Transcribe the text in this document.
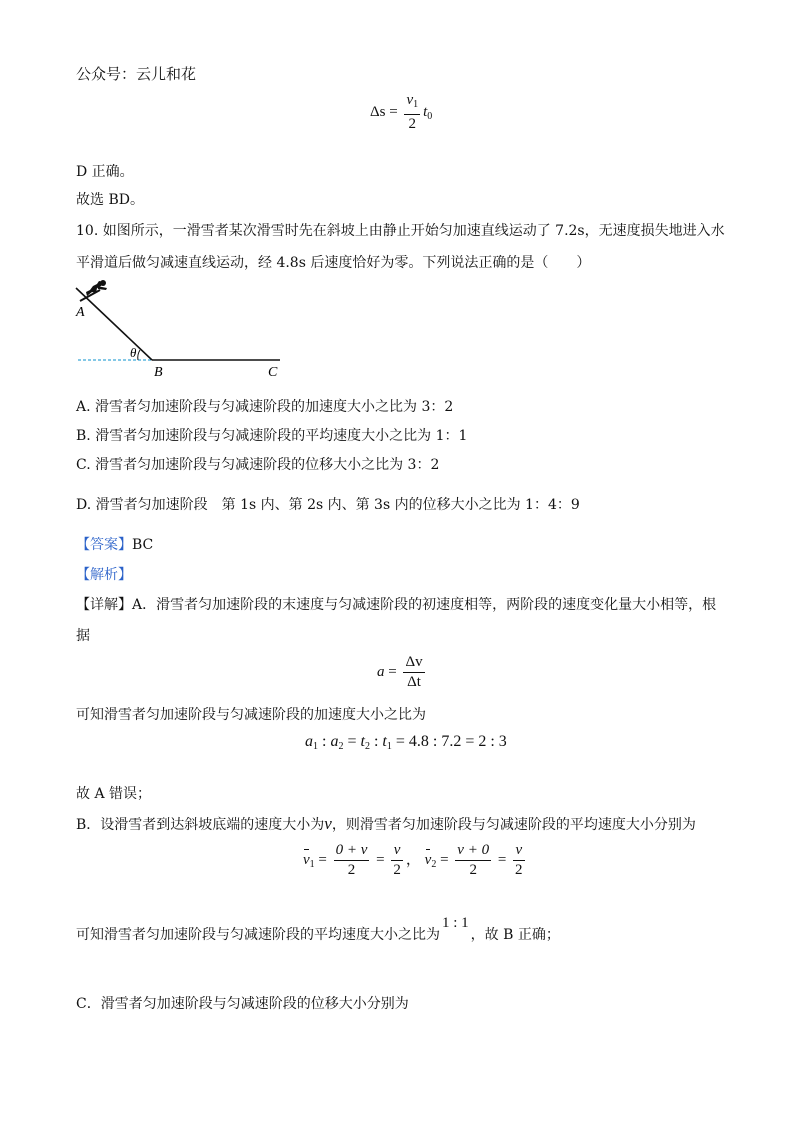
公众号：云儿和花
$\Delta s = \frac{v_1}{2} t_0$
D 正确。
故选 BD。
10. 如图所示，一滑雪者某次滑雪时先在斜坡上由静止开始匀加速直线运动了 7.2s，无速度损失地进入水
平滑道后做匀减速直线运动，经 4.8s 后速度恰好为零。下列说法正确的是（　　）
A
θ
B	C
A. 滑雪者匀加速阶段与匀减速阶段的加速度大小之比为 3：2
B. 滑雪者匀加速阶段与匀减速阶段的平均速度大小之比为 1：1
C. 滑雪者匀加速阶段与匀减速阶段的位移大小之比为 3：2
D. 滑雪者匀加速阶段　第 1s 内、第 2s 内、第 3s 内的位移大小之比为 1：4：9
【答案】BC
【解析】
【详解】A．滑雪者匀加速阶段的末速度与匀减速阶段的初速度相等，两阶段的速度变化量大小相等，根
据
$a = \frac{\Delta v}{\Delta t}$
可知滑雪者匀加速阶段与匀减速阶段的加速度大小之比为
$a_1$ : $a_2 = t_2$ : $t_1 = 4.8$ : 7.2 = 2 : 3
故 A 错误；
B．设滑雪者到达斜坡底端的速度大小为v，则滑雪者匀加速阶段与匀减速阶段的平均速度大小分别为
$v_1 = \frac{0 + v}{2} = \frac{v}{2}$ ， $v_2 = \frac{v + 0}{2} = \frac{v}{2}$
可知滑雪者匀加速阶段与匀减速阶段的平均速度大小之比为1 : 1，故 B 正确；
C．滑雪者匀加速阶段与匀减速阶段的位移大小分别为
